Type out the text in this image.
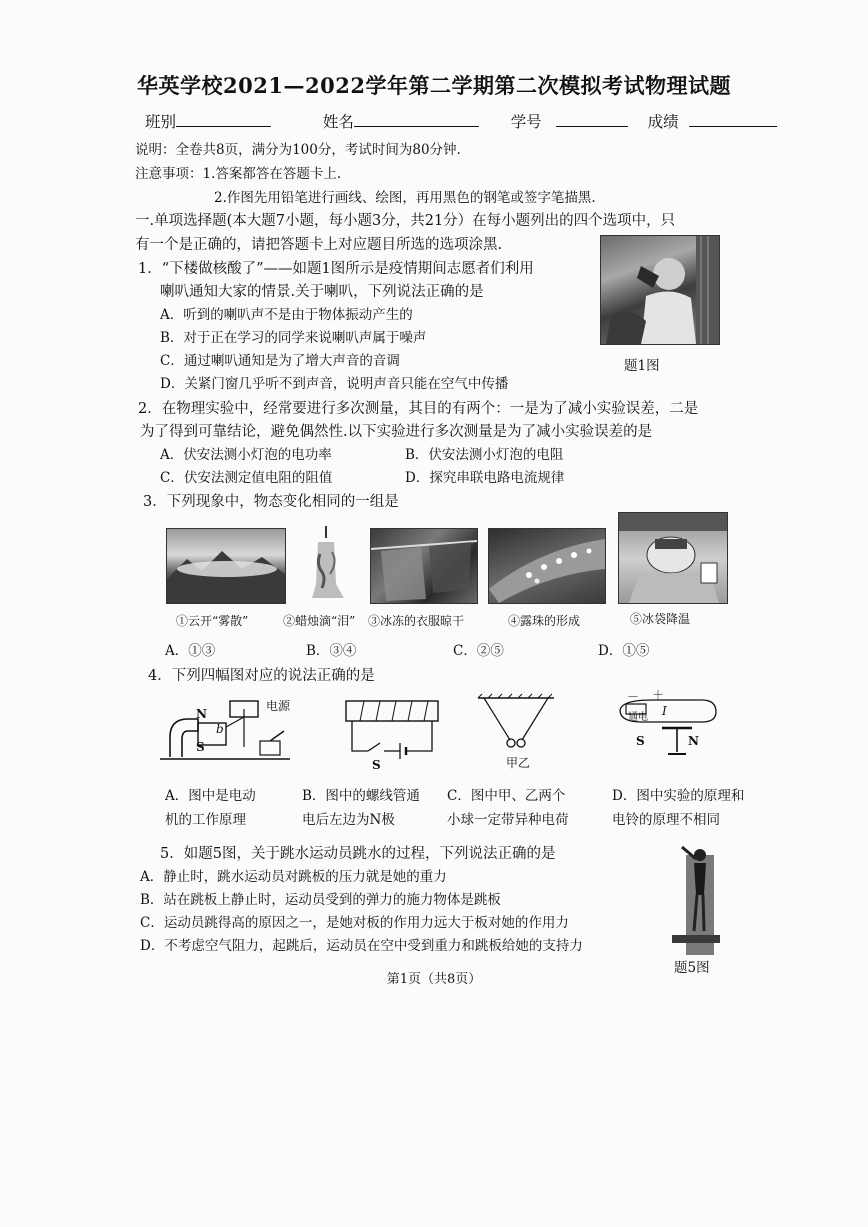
华英学校2021—2022学年第二学期第二次模拟考试物理试题
班别	姓名	学号	成绩
说明：全卷共8页，满分为100分，考试时间为80分钟.
注意事项：1.答案都答在答题卡上.
2.作图先用铅笔进行画线、绘图，再用黑色的钢笔或签字笔描黑.
一.单项选择题(本大题7小题，每小题3分，共21分）在每小题列出的四个选项中，只
有一个是正确的，请把答题卡上对应题目所选的选项涂黑.
1．“下楼做核酸了”——如题1图所示是疫情期间志愿者们利用
喇叭通知大家的情景.关于喇叭，下列说法正确的是
A．听到的喇叭声不是由于物体振动产生的
B．对于正在学习的同学来说喇叭声属于噪声
C．通过喇叭通知是为了增大声音的音调
D．关紧门窗几乎听不到声音，说明声音只能在空气中传播
题1图
2．在物理实验中，经常要进行多次测量，其目的有两个：一是为了减小实验误差，二是
为了得到可靠结论，避免偶然性.以下实验进行多次测量是为了减小实验误差的是
A．伏安法测小灯泡的电功率	B．伏安法测小灯泡的电阻
C．伏安法测定值电阻的阻值	D．探究串联电路电流规律
3．下列现象中，物态变化相同的一组是
①云开“雾散”	②蜡烛滴“泪” ③冰冻的衣服晾干	④露珠的形成	⑤冰袋降温
A．①③	B．③④	C．②⑤	D．①⑤
4．下列四幅图对应的说法正确的是
电源
N
b
S
S	甲乙
－ ＋
通电 I
S	N
A．图中是电动
机的工作原理
B．图中的螺线管通
电后左边为N极
C．图中甲、乙两个
小球一定带异种电荷
D．图中实验的原理和
电铃的原理不相同
5．如题5图，关于跳水运动员跳水的过程，下列说法正确的是
A．静止时，跳水运动员对跳板的压力就是她的重力
B．站在跳板上静止时，运动员受到的弹力的施力物体是跳板
C．运动员跳得高的原因之一，是她对板的作用力远大于板对她的作用力
D．不考虑空气阻力，起跳后，运动员在空中受到重力和跳板给她的支持力
题5图
第1页（共8页）
